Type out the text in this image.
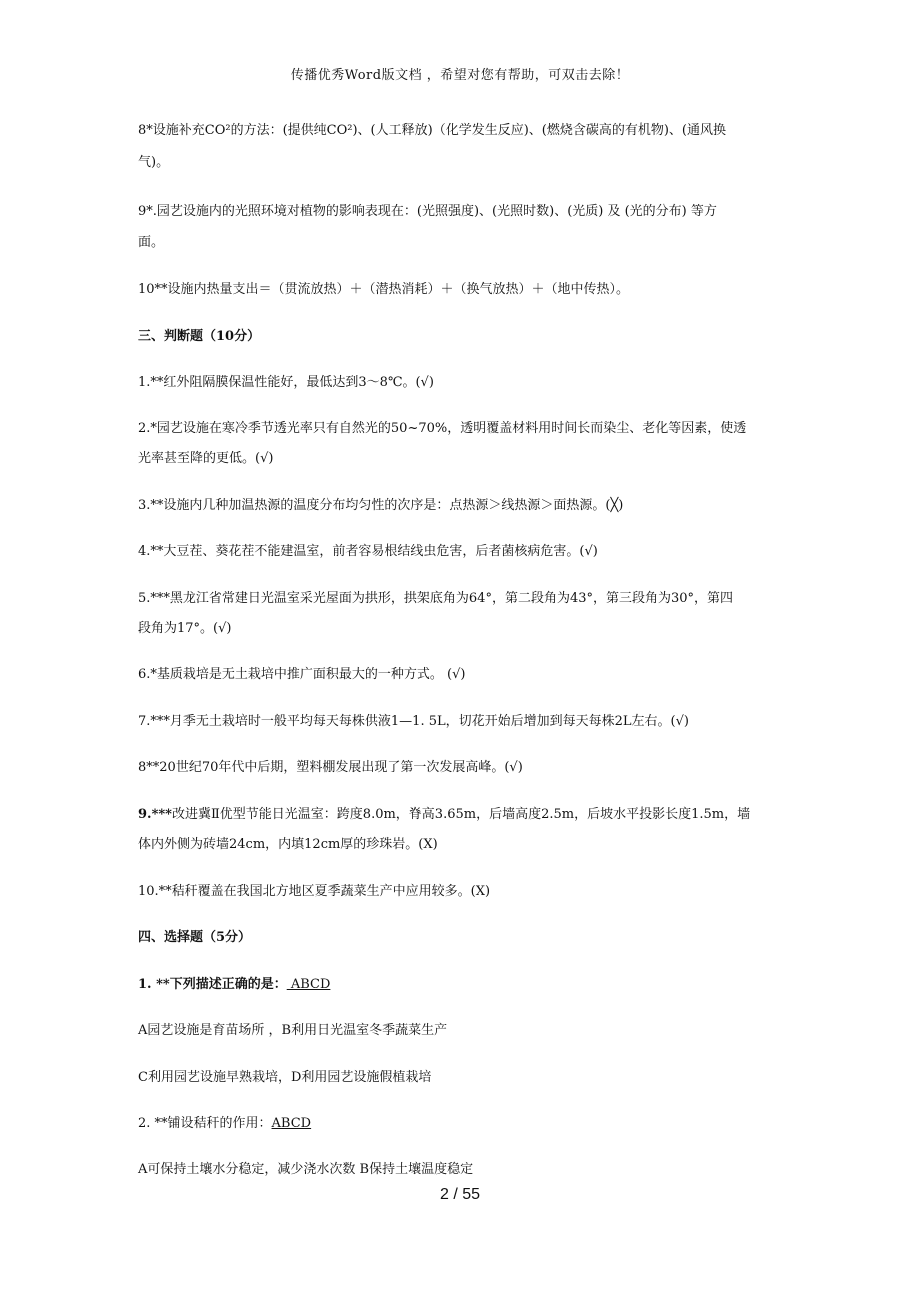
传播优秀Word版文档 ，希望对您有帮助，可双击去除！
8*设施补充CO²的方法：(提供纯CO²)、(人工释放)（化学发生反应)、(燃烧含碳高的有机物)、(通风换
气)。
9*.园艺设施内的光照环境对植物的影响表现在：(光照强度)、(光照时数)、(光质) 及 (光的分布) 等方
面。
10**设施内热量支出＝（贯流放热）＋（潜热消耗）＋（换气放热）＋（地中传热）。
三、判断题（10分）
1.**红外阻隔膜保温性能好，最低达到3～8℃。(√)
2.*园艺设施在寒冷季节透光率只有自然光的50~70%，透明覆盖材料用时间长而染尘、老化等因素，使透
光率甚至降的更低。(√)
3.**设施内几种加温热源的温度分布均匀性的次序是：点热源＞线热源＞面热源。(╳)
4.**大豆茬、葵花茬不能建温室，前者容易根结线虫危害，后者菌核病危害。(√)
5.***黑龙江省常建日光温室采光屋面为拱形，拱架底角为64°，第二段角为43°，第三段角为30°，第四
段角为17°。(√)
6.*基质栽培是无土栽培中推广面积最大的一种方式。 (√)
7.***月季无土栽培时一般平均每天每株供液1—1. 5L，切花开始后增加到每天每株2L左右。(√)
8**20世纪70年代中后期，塑料棚发展出现了第一次发展高峰。(√)
9.***改进冀Ⅱ优型节能日光温室：跨度8.0m，脊高3.65m，后墙高度2.5m，后坡水平投影长度1.5m，墙
体内外侧为砖墙24cm，内填12cm厚的珍珠岩。(X)
10.**秸秆覆盖在我国北方地区夏季蔬菜生产中应用较多。(X)
四、选择题（5分）
1. **下列描述正确的是： ABCD
A园艺设施是育苗场所 ，B利用日光温室冬季蔬菜生产
C利用园艺设施早熟栽培，D利用园艺设施假植栽培
2. **铺设秸秆的作用：ABCD
A可保持土壤水分稳定，减少浇水次数 B保持土壤温度稳定
2 / 55
